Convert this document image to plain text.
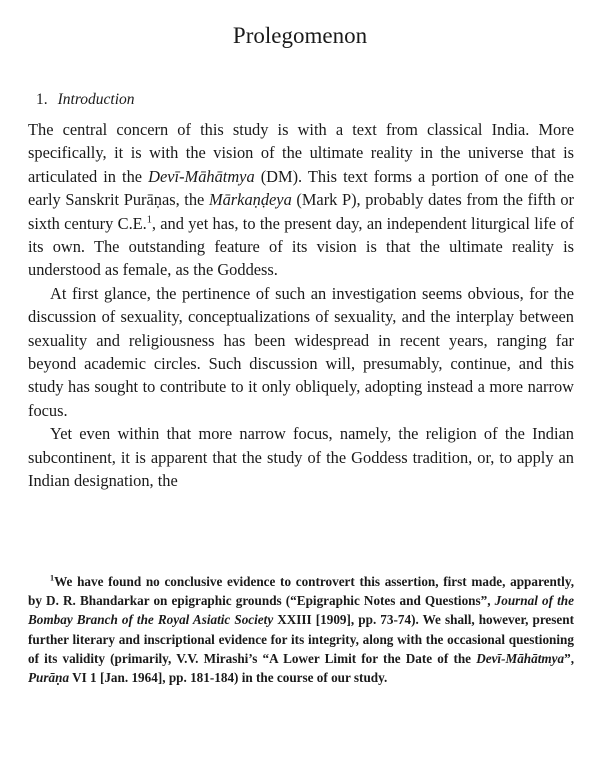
Prolegomenon
1. Introduction

The central concern of this study is with a text from classical India. More specifically, it is with the vision of the ultimate reality in the universe that is articulated in the Devī-Māhātmya (DM). This text forms a portion of one of the early Sanskrit Purāṇas, the Mārkaṇḍeya (Mark P), probably dates from the fifth or sixth century C.E.$^1$, and yet has, to the present day, an independent liturgical life of its own. The outstanding feature of its vision is that the ultimate reality is understood as female, as the Goddess.

At first glance, the pertinence of such an investigation seems obvious, for the discussion of sexuality, conceptualizations of sexuality, and the interplay between sexuality and religiousness has been widespread in recent years, ranging far beyond academic circles. Such discussion will, presumably, continue, and this study has sought to contribute to it only obliquely, adopting instead a more narrow focus.

Yet even within that more narrow focus, namely, the religion of the Indian subcontinent, it is apparent that the study of the Goddess tradition, or, to apply an Indian designation, the

$^1$We have found no conclusive evidence to controvert this assertion, first made, apparently, by D. R. Bhandarkar on epigraphic grounds (“Epigraphic Notes and Questions”, Journal of the Bombay Branch of the Royal Asiatic Society XXIII [1909], pp. 73-74). We shall, however, present further literary and inscriptional evidence for its integrity, along with the occasional questioning of its validity (primarily, V.V. Mirashi’s “A Lower Limit for the Date of the Devī-Māhātmya”, Purāṇa VI 1 [Jan. 1964], pp. 181-184) in the course of our study.
